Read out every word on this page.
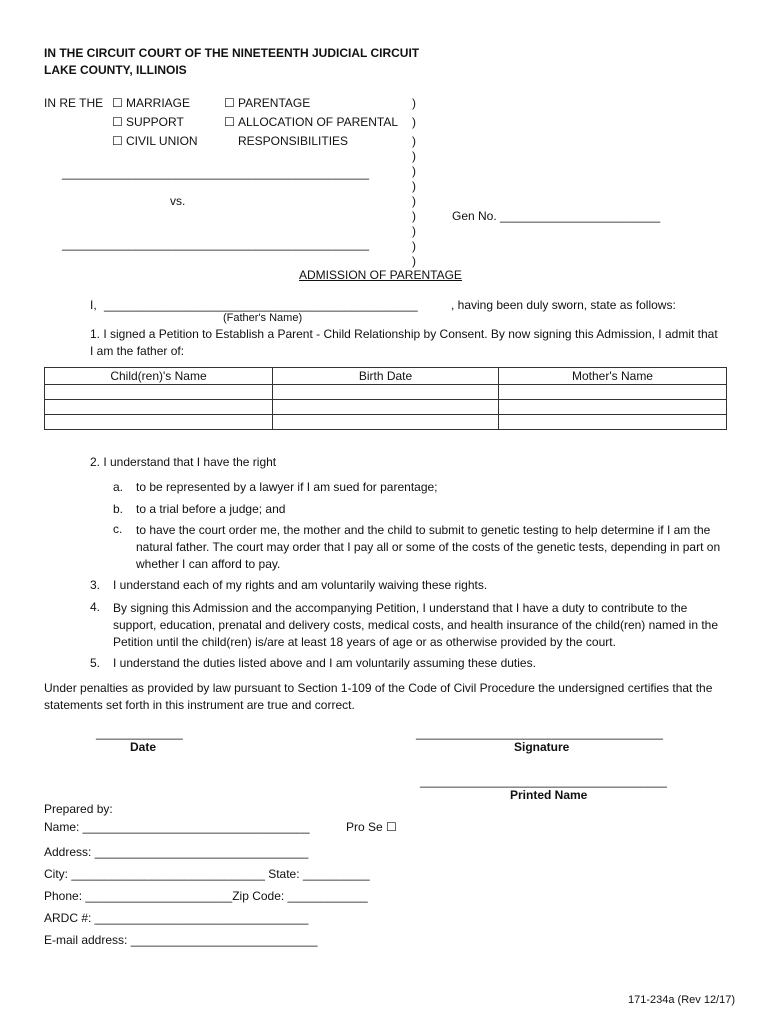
IN THE CIRCUIT COURT OF THE NINETEENTH JUDICIAL CIRCUIT
LAKE COUNTY, ILLINOIS
IN RE THE ☐ MARRIAGE
☐ SUPPORT
☐ CIVIL UNION
☐ PARENTAGE
☐ ALLOCATION OF PARENTAL
RESPONSIBILITIES
)
)
)
)
)
)
)
)
)
)
)
______________________________________________
vs.
Gen No. ________________________
______________________________________________
ADMISSION OF PARENTAGE
I, _______________________________________________	, having been duly sworn, state as follows:
(Father's Name)
1. I signed a Petition to Establish a Parent - Child Relationship by Consent. By now signing this Admission, I admit that I am the father of:
Child(ren)'s Name	Birth Date	Mother's Name

2. I understand that I have the right
a. to be represented by a lawyer if I am sued for parentage;
b. to a trial before a judge; and
c. to have the court order me, the mother and the child to submit to genetic testing to help determine if I am the natural father. The court may order that I pay all or some of the costs of the genetic tests, depending in part on whether I can afford to pay.
3. I understand each of my rights and am voluntarily waiving these rights.
4. By signing this Admission and the accompanying Petition, I understand that I have a duty to contribute to the support, education, prenatal and delivery costs, medical costs, and health insurance of the child(ren) named in the Petition until the child(ren) is/are at least 18 years of age or as otherwise provided by the court.
5. I understand the duties listed above and I am voluntarily assuming these duties.
Under penalties as provided by law pursuant to Section 1-109 of the Code of Civil Procedure the undersigned certifies that the statements set forth in this instrument are true and correct.
_____________
Date
_____________________________________
Signature
_____________________________________
Printed Name
Prepared by:
Name: __________________________________	Pro Se ☐
Address: ________________________________
City: _____________________________ State: __________
Phone: ______________________Zip Code: ____________
ARDC #: ________________________________
E-mail address: ____________________________
171-234a (Rev 12/17)
